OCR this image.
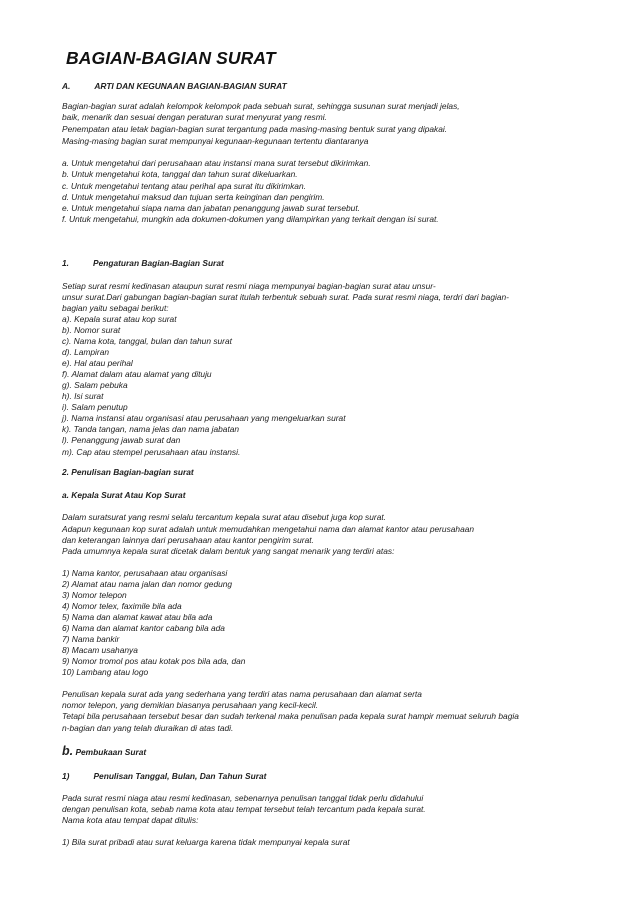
BAGIAN-BAGIAN SURAT
A.	ARTI DAN KEGUNAAN BAGIAN-BAGIAN SURAT
Bagian-bagian surat adalah kelompok kelompok pada sebuah surat, sehingga susunan surat menjadi jelas,
baik, menarik dan sesuai dengan peraturan surat menyurat yang resmi.
Penempatan atau letak bagian-bagian surat tergantung pada masing-masing bentuk surat yang dipakai.
Masing-masing bagian surat mempunyai kegunaan-kegunaan tertentu diantaranya
a. Untuk mengetahui dari perusahaan atau instansi mana surat tersebut dikirimkan.
b. Untuk mengetahui kota, tanggal dan tahun surat dikeluarkan.
c. Untuk mengetahui tentang atau perihal apa surat itu dikirimkan.
d. Untuk mengetahui maksud dan tujuan serta keinginan dan pengirim.
e. Untuk mengetahui siapa nama dan jabatan penanggung jawab surat tersebut.
f. Untuk mengetahui, mungkin ada dokumen-dokumen yang dilampirkan yang terkait dengan isi surat.
1.	Pengaturan Bagian-Bagian Surat
Setiap surat resmi kedinasan ataupun surat resmi niaga mempunyai bagian-bagian surat atau unsur-
unsur surat.Dari gabungan bagian-bagian surat itulah terbentuk sebuah surat. Pada surat resmi niaga, terdri dari bagian-
bagian yaitu sebagai berikut:
a). Kepala surat atau kop surat
b). Nomor surat
c). Nama kota, tanggal, bulan dan tahun surat
d). Lampiran
e). Hal atau perihal
f). Alamat dalam atau alamat yang dituju
g). Salam pebuka
h). Isi surat
i). Salam penutup
j). Nama instansi atau organisasi atau perusahaan yang mengeluarkan surat
k). Tanda tangan, nama jelas dan nama jabatan
l). Penanggung jawab surat dan
m). Cap atau stempel perusahaan atau instansi.
2. Penulisan Bagian-bagian surat
a. Kepala Surat Atau Kop Surat
Dalam suratsurat yang resmi selalu tercantum kepala surat atau disebut juga kop surat.
Adapun kegunaan kop surat adalah untuk memudahkan mengetahui nama dan alamat kantor atau perusahaan
dan keterangan lainnya dari perusahaan atau kantor pengirim surat.
Pada umumnya kepala surat dicetak dalam bentuk yang sangat menarik yang terdiri atas:
1) Nama kantor, perusahaan atau organisasi
2) Alamat atau nama jalan dan nomor gedung
3) Nomor telepon
4) Nomor telex, faximile bila ada
5) Nama dan alamat kawat atau bila ada
6) Nama dan alamat kantor cabang bila ada
7) Nama bankir
8) Macam usahanya
9) Nomor tromol pos atau kotak pos bila ada, dan
10) Lambang atau logo
Penulisan kepala surat ada yang sederhana yang terdiri atas nama perusahaan dan alamat serta
nomor telepon, yang demikian biasanya perusahaan yang kecil-kecil.
Tetapi bila perusahaan tersebut besar dan sudah terkenal maka penulisan pada kepala surat hampir memuat seluruh bagia
n-bagian dan yang telah diuraikan di atas tadi.
b. Pembukaan Surat
1)	Penulisan Tanggal, Bulan, Dan Tahun Surat
Pada surat resmi niaga atau resmi kedinasan, sebenarnya penulisan tanggal tidak perlu didahului
dengan penulisan kota, sebab nama kota atau tempat tersebut telah tercantum pada kepala surat.
Nama kota atau tempat dapat ditulis:
1) Bila surat pribadi atau surat keluarga karena tidak mempunyai kepala surat
